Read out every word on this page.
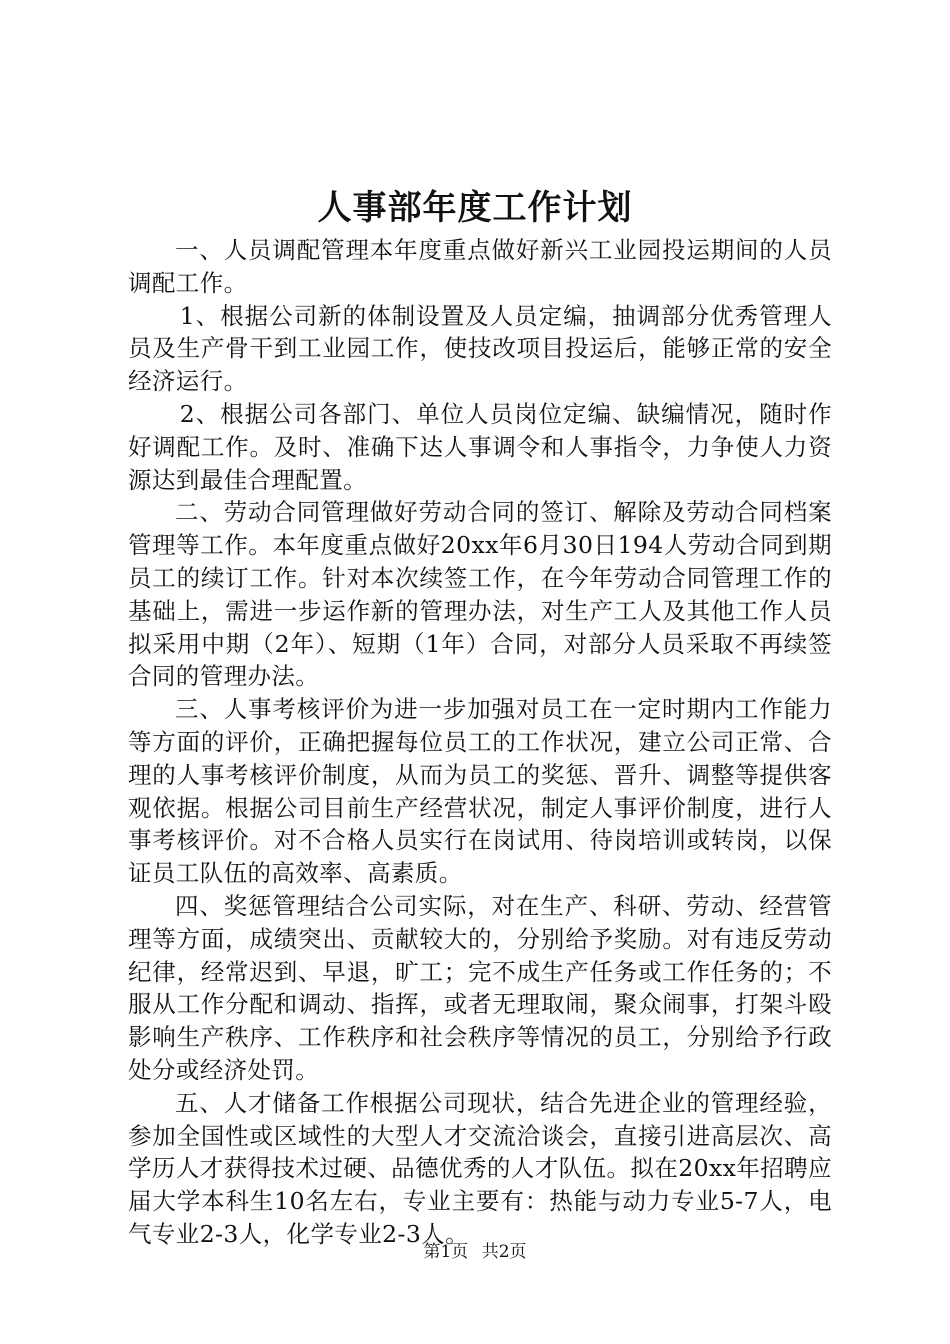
人事部年度工作计划

一、人员调配管理本年度重点做好新兴工业园投运期间的人员调配工作。

1、根据公司新的体制设置及人员定编，抽调部分优秀管理人员及生产骨干到工业园工作，使技改项目投运后，能够正常的安全经济运行。

2、根据公司各部门、单位人员岗位定编、缺编情况，随时作好调配工作。及时、准确下达人事调令和人事指令，力争使人力资源达到最佳合理配置。

二、劳动合同管理做好劳动合同的签订、解除及劳动合同档案管理等工作。本年度重点做好20xx年6月30日194人劳动合同到期员工的续订工作。针对本次续签工作，在今年劳动合同管理工作的基础上，需进一步运作新的管理办法，对生产工人及其他工作人员拟采用中期（2年）、短期（1年）合同，对部分人员采取不再续签合同的管理办法。

三、人事考核评价为进一步加强对员工在一定时期内工作能力等方面的评价，正确把握每位员工的工作状况，建立公司正常、合理的人事考核评价制度，从而为员工的奖惩、晋升、调整等提供客观依据。根据公司目前生产经营状况，制定人事评价制度，进行人事考核评价。对不合格人员实行在岗试用、待岗培训或转岗，以保证员工队伍的高效率、高素质。

四、奖惩管理结合公司实际，对在生产、科研、劳动、经营管理等方面，成绩突出、贡献较大的，分别给予奖励。对有违反劳动纪律，经常迟到、早退，旷工；完不成生产任务或工作任务的；不服从工作分配和调动、指挥，或者无理取闹，聚众闹事，打架斗殴影响生产秩序、工作秩序和社会秩序等情况的员工，分别给予行政处分或经济处罚。

五、人才储备工作根据公司现状，结合先进企业的管理经验，参加全国性或区域性的大型人才交流洽谈会，直接引进高层次、高学历人才获得技术过硬、品德优秀的人才队伍。拟在20xx年招聘应届大学本科生10名左右，专业主要有：热能与动力专业5-7人，电气专业2-3人，化学专业2-3人。

第1页 共2页
